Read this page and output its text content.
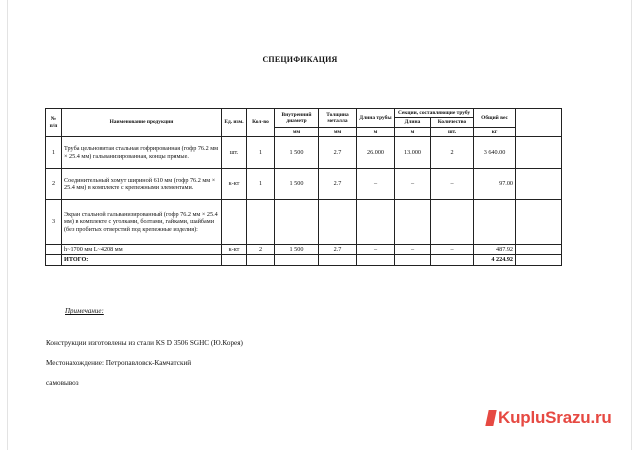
СПЕЦИФИКАЦИЯ
№ п/п	Наименование продукции	Ед. изм.	Кол-во	Внутренний диаметр	Толщина металла	Длина трубы	Секции, составляющие трубу		Общий вес	
							Длина	Количество		
				мм	мм	м	м	шт.	кг	
1	Труба цельновитая стальная гофрированная (гофр 76.2 мм × 25.4 мм) гальванизированная, концы прямые.	шт.	1	1 500	2.7	26.000	13.000	2	3 640.00	
2	Соединительный хомут шириной 610 мм (гофр 76.2 мм × 25.4 мм) в комплекте с крепежными элементами.	к-кт	1	1 500	2.7	–	–	–	97.00	
3	Экран стальной гальванизированный (гофр 76.2 мм × 25.4 мм) в комплекте с уголками, болтами, гайками, шайбами (без пробитых отверстий под крепежные изделия):									
	h~1700 мм L~4208 мм	к-кт	2	1 500	2.7	–	–	–	487.92	
	ИТОГО:								4 224.92	
Примечание:
Конструкции изготовлены из стали KS D 3506 SGHC (Ю.Корея)
Местонахождение: Петропавловск-Камчатский
самовывоз
KupluSrazu.ru
